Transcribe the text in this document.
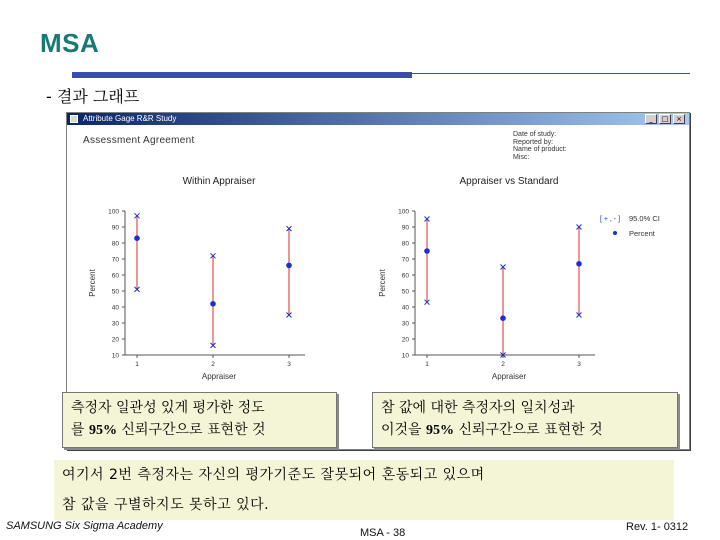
MSA
- 결과 그래프
Attribute Gage R&R Study	_	□	×
Assessment Agreement
Date of study:
Reported by:
Name of product:
Misc:
Within Appraiser
10
20
30
40
50
60
70
80
90
100
1	2	3
Appraiser
Percent
Appraiser vs Standard
10
20
30
40
50
60
70
80
90
100
1	2	3
Appraiser
Percent
[ + , - ] 95.0% CI
Percent
측정자 일관성 있게 평가한 정도
를 95% 신뢰구간으로 표현한 것
참 값에 대한 측정자의 일치성과
이것을 95% 신뢰구간으로 표현한 것
여기서 2번 측정자는 자신의 평가기준도 잘못되어 혼동되고 있으며
참 값을 구별하지도 못하고 있다.
SAMSUNG Six Sigma Academy
MSA - 38	Rev. 1- 0312
